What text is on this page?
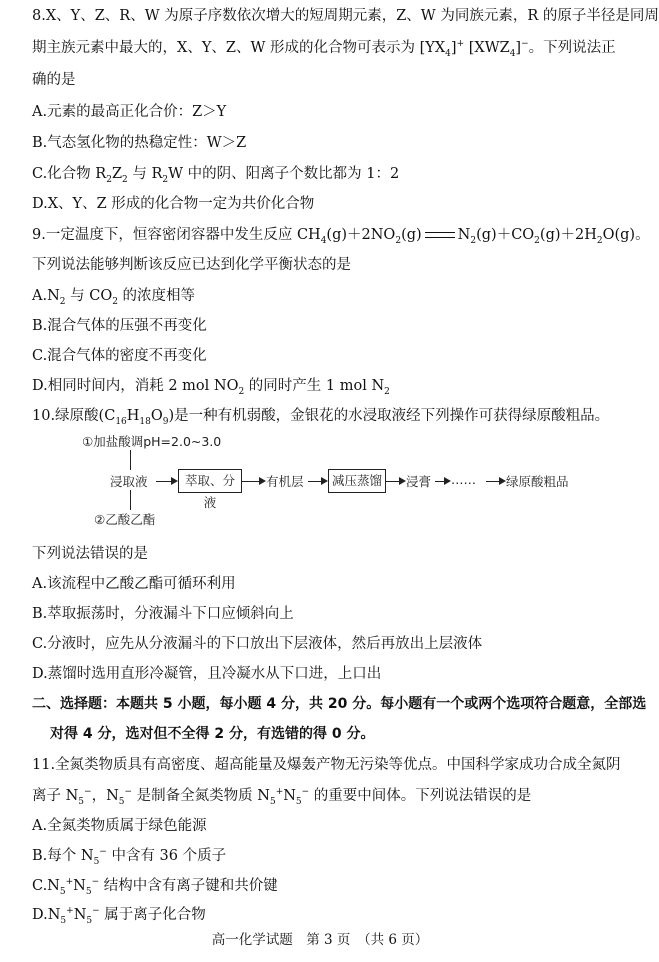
8.X、Y、Z、R、W 为原子序数依次增大的短周期元素，Z、W 为同族元素，R 的原子半径是同周
期主族元素中最大的，X、Y、Z、W 形成的化合物可表示为 $[YX_4]^+$ $[XWZ_4]^-$。下列说法正
确的是
A.元素的最高正化合价：Z＞Y
B.气态氢化物的热稳定性：W＞Z
C.化合物 $R_2Z_2$ 与 $R_2W$ 中的阴、阳离子个数比都为 1：2
D.X、Y、Z 形成的化合物一定为共价化合物
9.一定温度下，恒容密闭容器中发生反应 $CH_4(g)+2NO_2(g)$ $N_2(g)+CO_2(g)+2H_2O(g)$。
下列说法能够判断该反应已达到化学平衡状态的是
$A.N_2$ 与 $CO_2$ 的浓度相等
B.混合气体的压强不再变化
C.混合气体的密度不再变化
D.相同时间内，消耗 2 mol $NO_2$ 的同时产生 1 mol $N_2$
10.绿原酸$(C_{16}H_{18}O_9)$是一种有机弱酸，金银花的水浸取液经下列操作可获得绿原酸粗品。
①加盐酸调pH=2.0~3.0
浸取液
②乙酸乙酯
萃取、分液
有机层	减压蒸馏	浸膏 …… 绿原酸粗品
下列说法错误的是
A.该流程中乙酸乙酯可循环利用
B.萃取振荡时，分液漏斗下口应倾斜向上
C.分液时，应先从分液漏斗的下口放出下层液体，然后再放出上层液体
D.蒸馏时选用直形冷凝管，且冷凝水从下口进，上口出
二、选择题：本题共 5 小题，每小题 4 分，共 20 分。每小题有一个或两个选项符合题意，全部选
对得 4 分，选对但不全得 2 分，有选错的得 0 分。
11.全氮类物质具有高密度、超高能量及爆轰产物无污染等优点。中国科学家成功合成全氮阴
离子 $N_5^-$，$N_5^-$ 是制备全氮类物质 $N_5^+N_5^-$ 的重要中间体。下列说法错误的是
A.全氮类物质属于绿色能源
B.每个 $N_5^-$ 中含有 36 个质子
$C.N_5^+N_5^-$ 结构中含有离子键和共价键
$D.N_5^+N_5^-$ 属于离子化合物
高一化学试题　第 3 页　（共 6 页）
